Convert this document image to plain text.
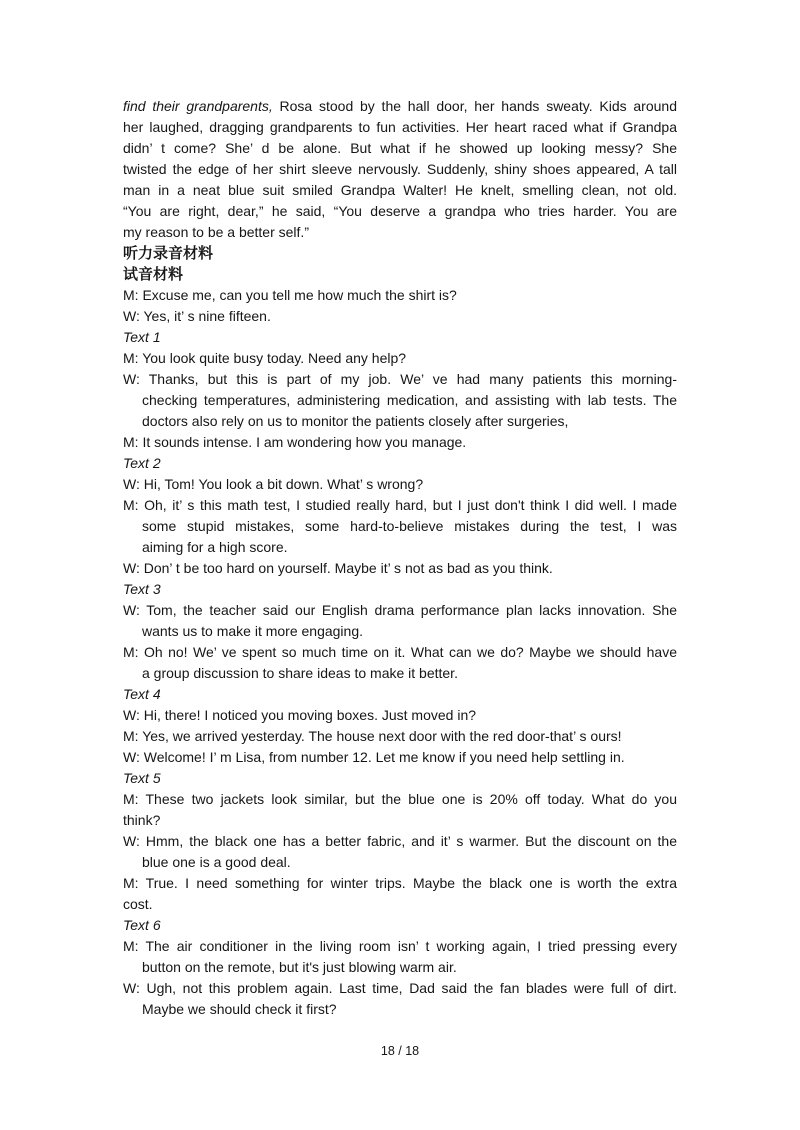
find their grandparents, Rosa stood by the hall door, her hands sweaty. Kids around
her laughed, dragging grandparents to fun activities. Her heart raced what if Grandpa
didn’ t come? She’ d be alone. But what if he showed up looking messy? She
twisted the edge of her shirt sleeve nervously. Suddenly, shiny shoes appeared, A tall
man in a neat blue suit smiled Grandpa Walter! He knelt, smelling clean, not old.
“You are right, dear,” he said, “You deserve a grandpa who tries harder. You are
my reason to be a better self.”
听力录音材料
试音材料
M: Excuse me, can you tell me how much the shirt is?
W: Yes, it’ s nine fifteen.
Text 1
M: You look quite busy today. Need any help?
W: Thanks, but this is part of my job. We’ ve had many patients this morning-
checking temperatures, administering medication, and assisting with lab tests. The
doctors also rely on us to monitor the patients closely after surgeries,
M: It sounds intense. I am wondering how you manage.
Text 2
W: Hi, Tom! You look a bit down. What’ s wrong?
M: Oh, it’ s this math test, I studied really hard, but I just don't think I did well. I made
some stupid mistakes, some hard-to-believe mistakes during the test, I was
aiming for a high score.
W: Don’ t be too hard on yourself. Maybe it’ s not as bad as you think.
Text 3
W: Tom, the teacher said our English drama performance plan lacks innovation. She
wants us to make it more engaging.
M: Oh no! We’ ve spent so much time on it. What can we do? Maybe we should have
a group discussion to share ideas to make it better.
Text 4
W: Hi, there! I noticed you moving boxes. Just moved in?
M: Yes, we arrived yesterday. The house next door with the red door-that’ s ours!
W: Welcome! I’ m Lisa, from number 12. Let me know if you need help settling in.
Text 5
M: These two jackets look similar, but the blue one is 20% off today. What do you
think?
W: Hmm, the black one has a better fabric, and it’ s warmer. But the discount on the
blue one is a good deal.
M: True. I need something for winter trips. Maybe the black one is worth the extra
cost.
Text 6
M: The air conditioner in the living room isn’ t working again, I tried pressing every
button on the remote, but it's just blowing warm air.
W: Ugh, not this problem again. Last time, Dad said the fan blades were full of dirt.
Maybe we should check it first?
18 / 18
